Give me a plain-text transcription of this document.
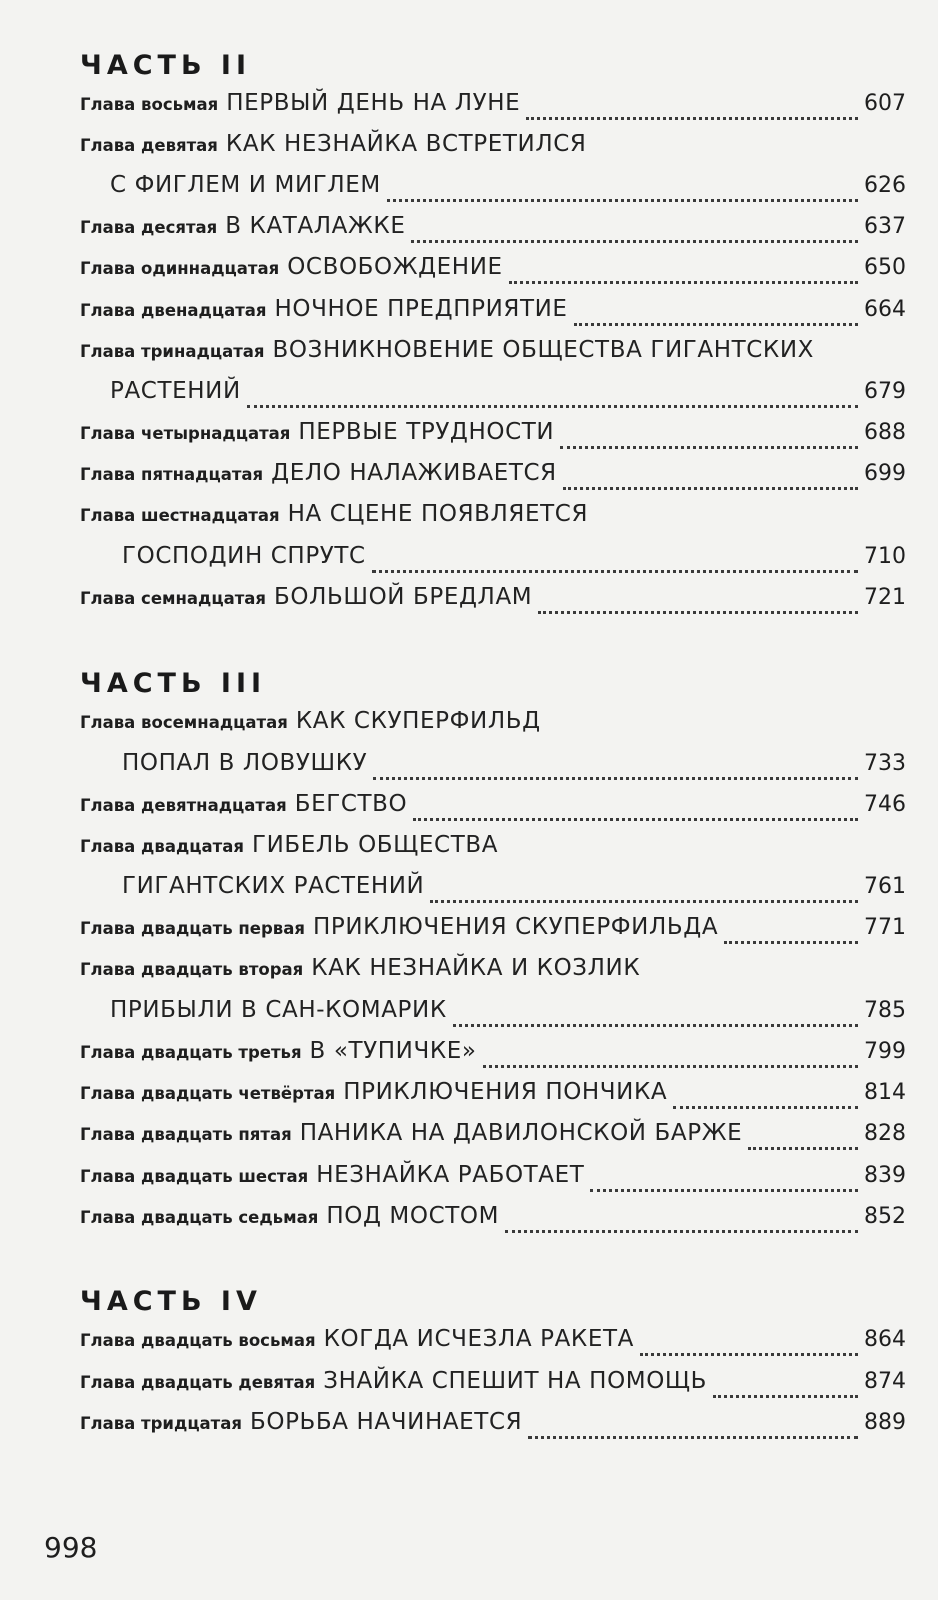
ЧАСТЬ II
Глава восьмая ПЕРВЫЙ ДЕНЬ НА ЛУНЕ	607
Глава девятая КАК НЕЗНАЙКА ВСТРЕТИЛСЯ
С ФИГЛЕМ И МИГЛЕМ	626
Глава десятая В КАТАЛАЖКЕ	637
Глава одиннадцатая ОСВОБОЖДЕНИЕ	650
Глава двенадцатая НОЧНОЕ ПРЕДПРИЯТИЕ	664
Глава тринадцатая ВОЗНИКНОВЕНИЕ ОБЩЕСТВА ГИГАНТСКИХ
РАСТЕНИЙ	679
Глава четырнадцатая ПЕРВЫЕ ТРУДНОСТИ	688
Глава пятнадцатая ДЕЛО НАЛАЖИВАЕТСЯ	699
Глава шестнадцатая НА СЦЕНЕ ПОЯВЛЯЕТСЯ
ГОСПОДИН СПРУТС	710
Глава семнадцатая БОЛЬШОЙ БРЕДЛАМ	721
ЧАСТЬ III
Глава восемнадцатая КАК СКУПЕРФИЛЬД
ПОПАЛ В ЛОВУШКУ	733
Глава девятнадцатая БЕГСТВО	746
Глава двадцатая ГИБЕЛЬ ОБЩЕСТВА
ГИГАНТСКИХ РАСТЕНИЙ	761
Глава двадцать первая ПРИКЛЮЧЕНИЯ СКУПЕРФИЛЬДА	771
Глава двадцать вторая КАК НЕЗНАЙКА И КОЗЛИК
ПРИБЫЛИ В САН-КОМАРИК	785
Глава двадцать третья В «ТУПИЧКЕ»	799
Глава двадцать четвёртая ПРИКЛЮЧЕНИЯ ПОНЧИКА	814
Глава двадцать пятая ПАНИКА НА ДАВИЛОНСКОЙ БАРЖЕ	828
Глава двадцать шестая НЕЗНАЙКА РАБОТАЕТ	839
Глава двадцать седьмая ПОД МОСТОМ	852
ЧАСТЬ IV
Глава двадцать восьмая КОГДА ИСЧЕЗЛА РАКЕТА	864
Глава двадцать девятая ЗНАЙКА СПЕШИТ НА ПОМОЩЬ	874
Глава тридцатая БОРЬБА НАЧИНАЕТСЯ	889
998
